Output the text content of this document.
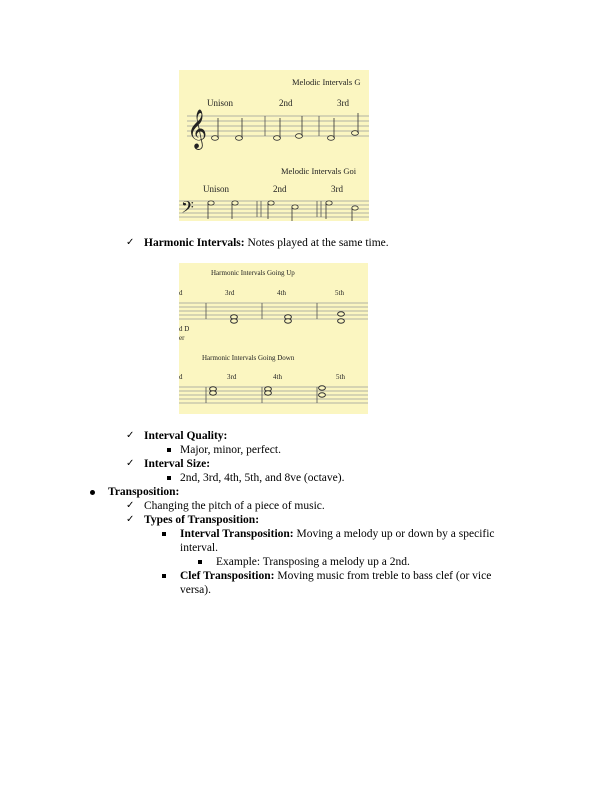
Melodic Intervals G
Unison	2nd	3rd
𝄞
Melodic Intervals Goi
Unison	2nd	3rd
𝄢
✓ Harmonic Intervals: Notes played at the same time.
Harmonic Intervals Going Up
d	3rd	4th	5th
d D
er
Harmonic Intervals Going Down
d	3rd	4th	5th
✓ Interval Quality:
Major, minor, perfect.
✓ Interval Size:
2nd, 3rd, 4th, 5th, and 8ve (octave).
Transposition:
✓ Changing the pitch of a piece of music.
✓ Types of Transposition:
Interval Transposition: Moving a melody up or down by a specific interval.
Example: Transposing a melody up a 2nd.
Clef Transposition: Moving music from treble to bass clef (or vice versa).
